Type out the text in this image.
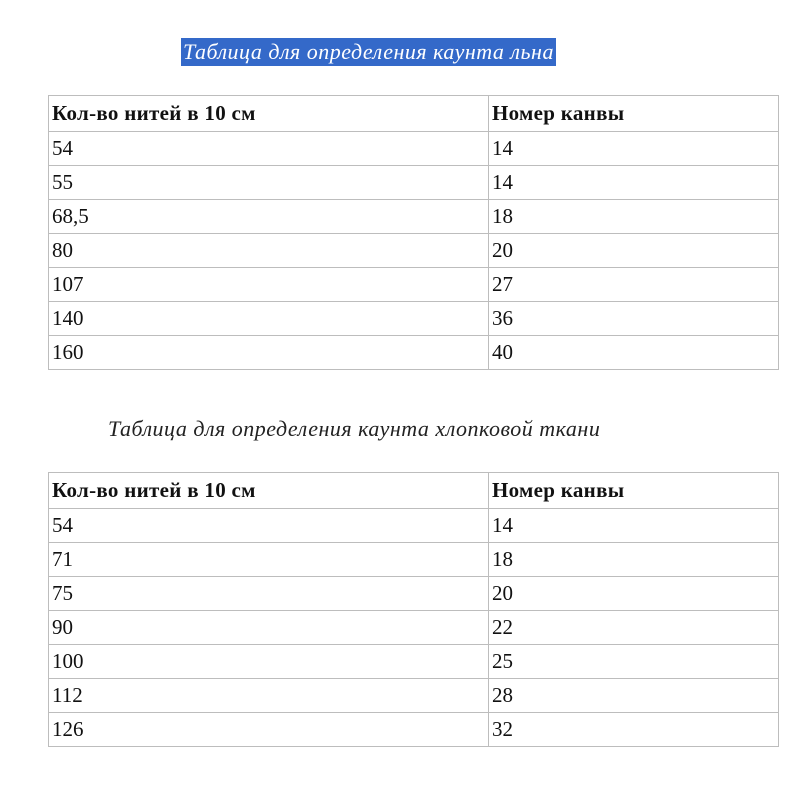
Таблица для определения каунта льна
Кол-во нитей в 10 см	Номер канвы
54	14
55	14
68,5	18
80	20
107	27
140	36
160	40
Таблица для определения каунта хлопковой ткани
Кол-во нитей в 10 см	Номер канвы
54	14
71	18
75	20
90	22
100	25
112	28
126	32
